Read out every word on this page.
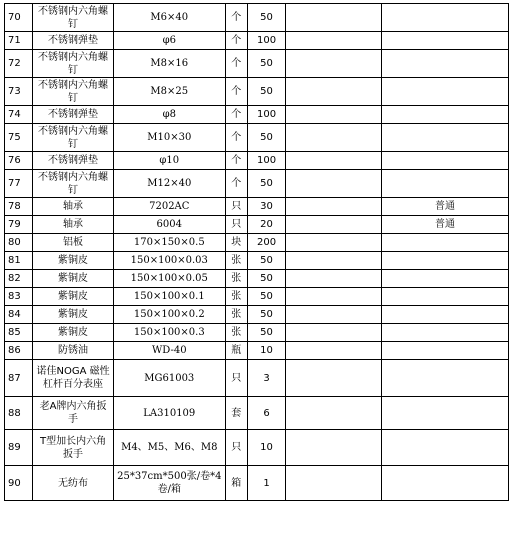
70	不锈钢内六角螺钉	M6×40	个	50		
71	不锈钢弹垫	φ6	个	100		
72	不锈钢内六角螺钉	M8×16	个	50		
73	不锈钢内六角螺钉	M8×25	个	50		
74	不锈钢弹垫	φ8	个	100		
75	不锈钢内六角螺钉	M10×30	个	50		
76	不锈钢弹垫	φ10	个	100		
77	不锈钢内六角螺钉	M12×40	个	50		
78	轴承	7202AC	只	30		普通
79	轴承	6004	只	20		普通
80	铝板	170×150×0.5	块	200		
81	紫铜皮	150×100×0.03	张	50		
82	紫铜皮	150×100×0.05	张	50		
83	紫铜皮	150×100×0.1	张	50		
84	紫铜皮	150×100×0.2	张	50		
85	紫铜皮	150×100×0.3	张	50		
86	防锈油	WD-40	瓶	10		
87	诺佳NOGA 磁性杠杆百分表座	MG61003	只	3		
88	老A牌内六角扳手	LA310109	套	6		
89	T型加长内六角扳手	M4、M5、M6、M8	只	10		
90	无纺布	25*37cm*500张/卷*4卷/箱	箱	1		
